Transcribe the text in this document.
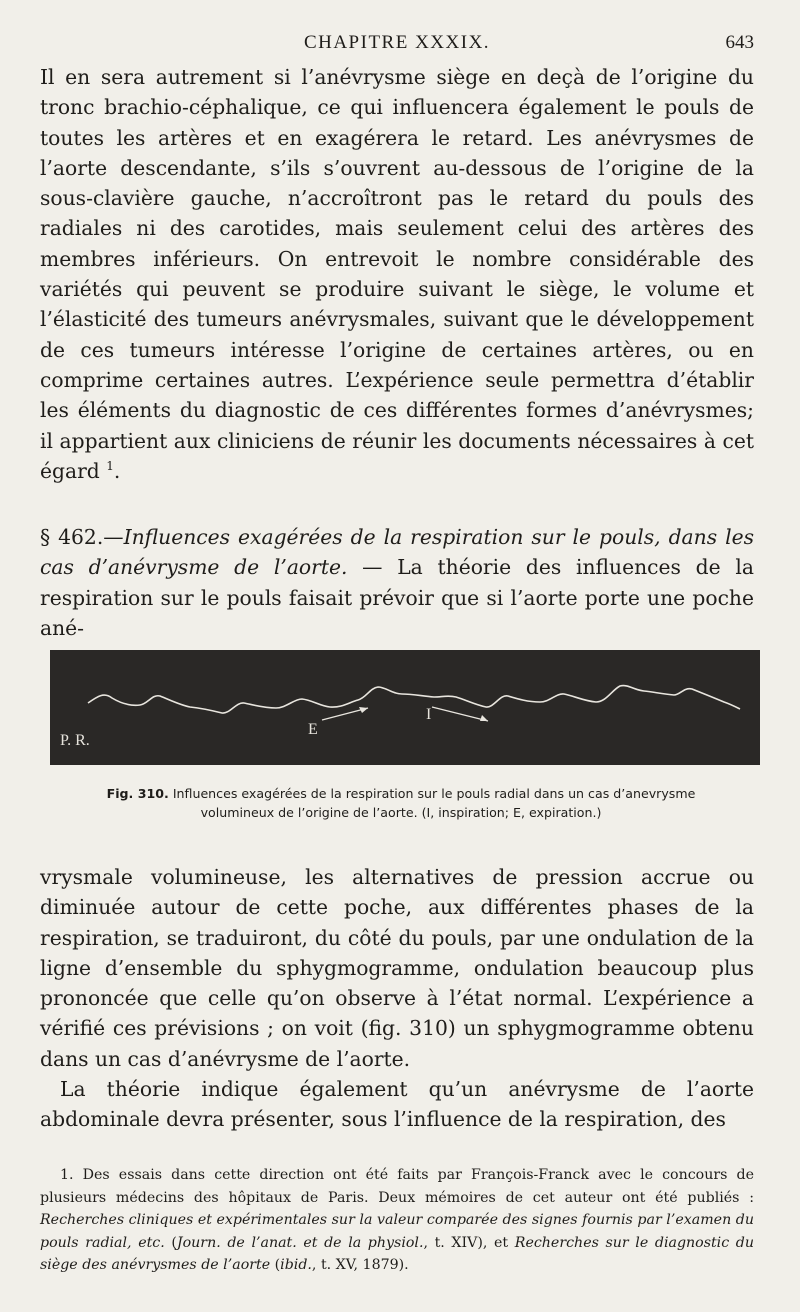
CHAPITRE XXXIX.	643

Il en sera autrement si l’anévrysme siège en deçà de l’origine du tronc brachio-céphalique, ce qui influencera également le pouls de toutes les artères et en exagérera le retard. Les anévrysmes de l’aorte descendante, s’ils s’ouvrent au-dessous de l’origine de la sous-clavière gauche, n’accroîtront pas le retard du pouls des radiales ni des carotides, mais seulement celui des artères des membres inférieurs. On entrevoit le nombre considérable des variétés qui peuvent se produire suivant le siège, le volume et l’élasticité des tumeurs anévrysmales, suivant que le développement de ces tumeurs intéresse l’origine de certaines artères, ou en comprime certaines autres. L’expérience seule permettra d’établir les éléments du diagnostic de ces différentes formes d’anévrysmes; il appartient aux cliniciens de réunir les documents nécessaires à cet égard $^1$.

§ 462.—Influences exagérées de la respiration sur le pouls, dans les cas d’anévrysme de l’aorte. — La théorie des influences de la respiration sur le pouls faisait prévoir que si l’aorte porte une poche ané-

P. R.
E
I
Fig. 310. Influences exagérées de la respiration sur le pouls radial dans un cas d’anevrysme volumineux de l’origine de l’aorte. (I, inspiration; E, expiration.)

vrysmale volumineuse, les alternatives de pression accrue ou diminuée autour de cette poche, aux différentes phases de la respiration, se traduiront, du côté du pouls, par une ondulation de la ligne d’ensemble du sphygmogramme, ondulation beaucoup plus prononcée que celle qu’on observe à l’état normal. L’expérience a vérifié ces prévisions ; on voit (fig. 310) un sphygmogramme obtenu dans un cas d’anévrysme de l’aorte.

La théorie indique également qu’un anévrysme de l’aorte abdominale devra présenter, sous l’influence de la respiration, des

1. Des essais dans cette direction ont été faits par François-Franck avec le concours de plusieurs médecins des hôpitaux de Paris. Deux mémoires de cet auteur ont été publiés : Recherches cliniques et expérimentales sur la valeur comparée des signes fournis par l’examen du pouls radial, etc. (Journ. de l’anat. et de la physiol., t. XIV), et Recherches sur le diagnostic du siège des anévrysmes de l’aorte (ibid., t. XV, 1879).
